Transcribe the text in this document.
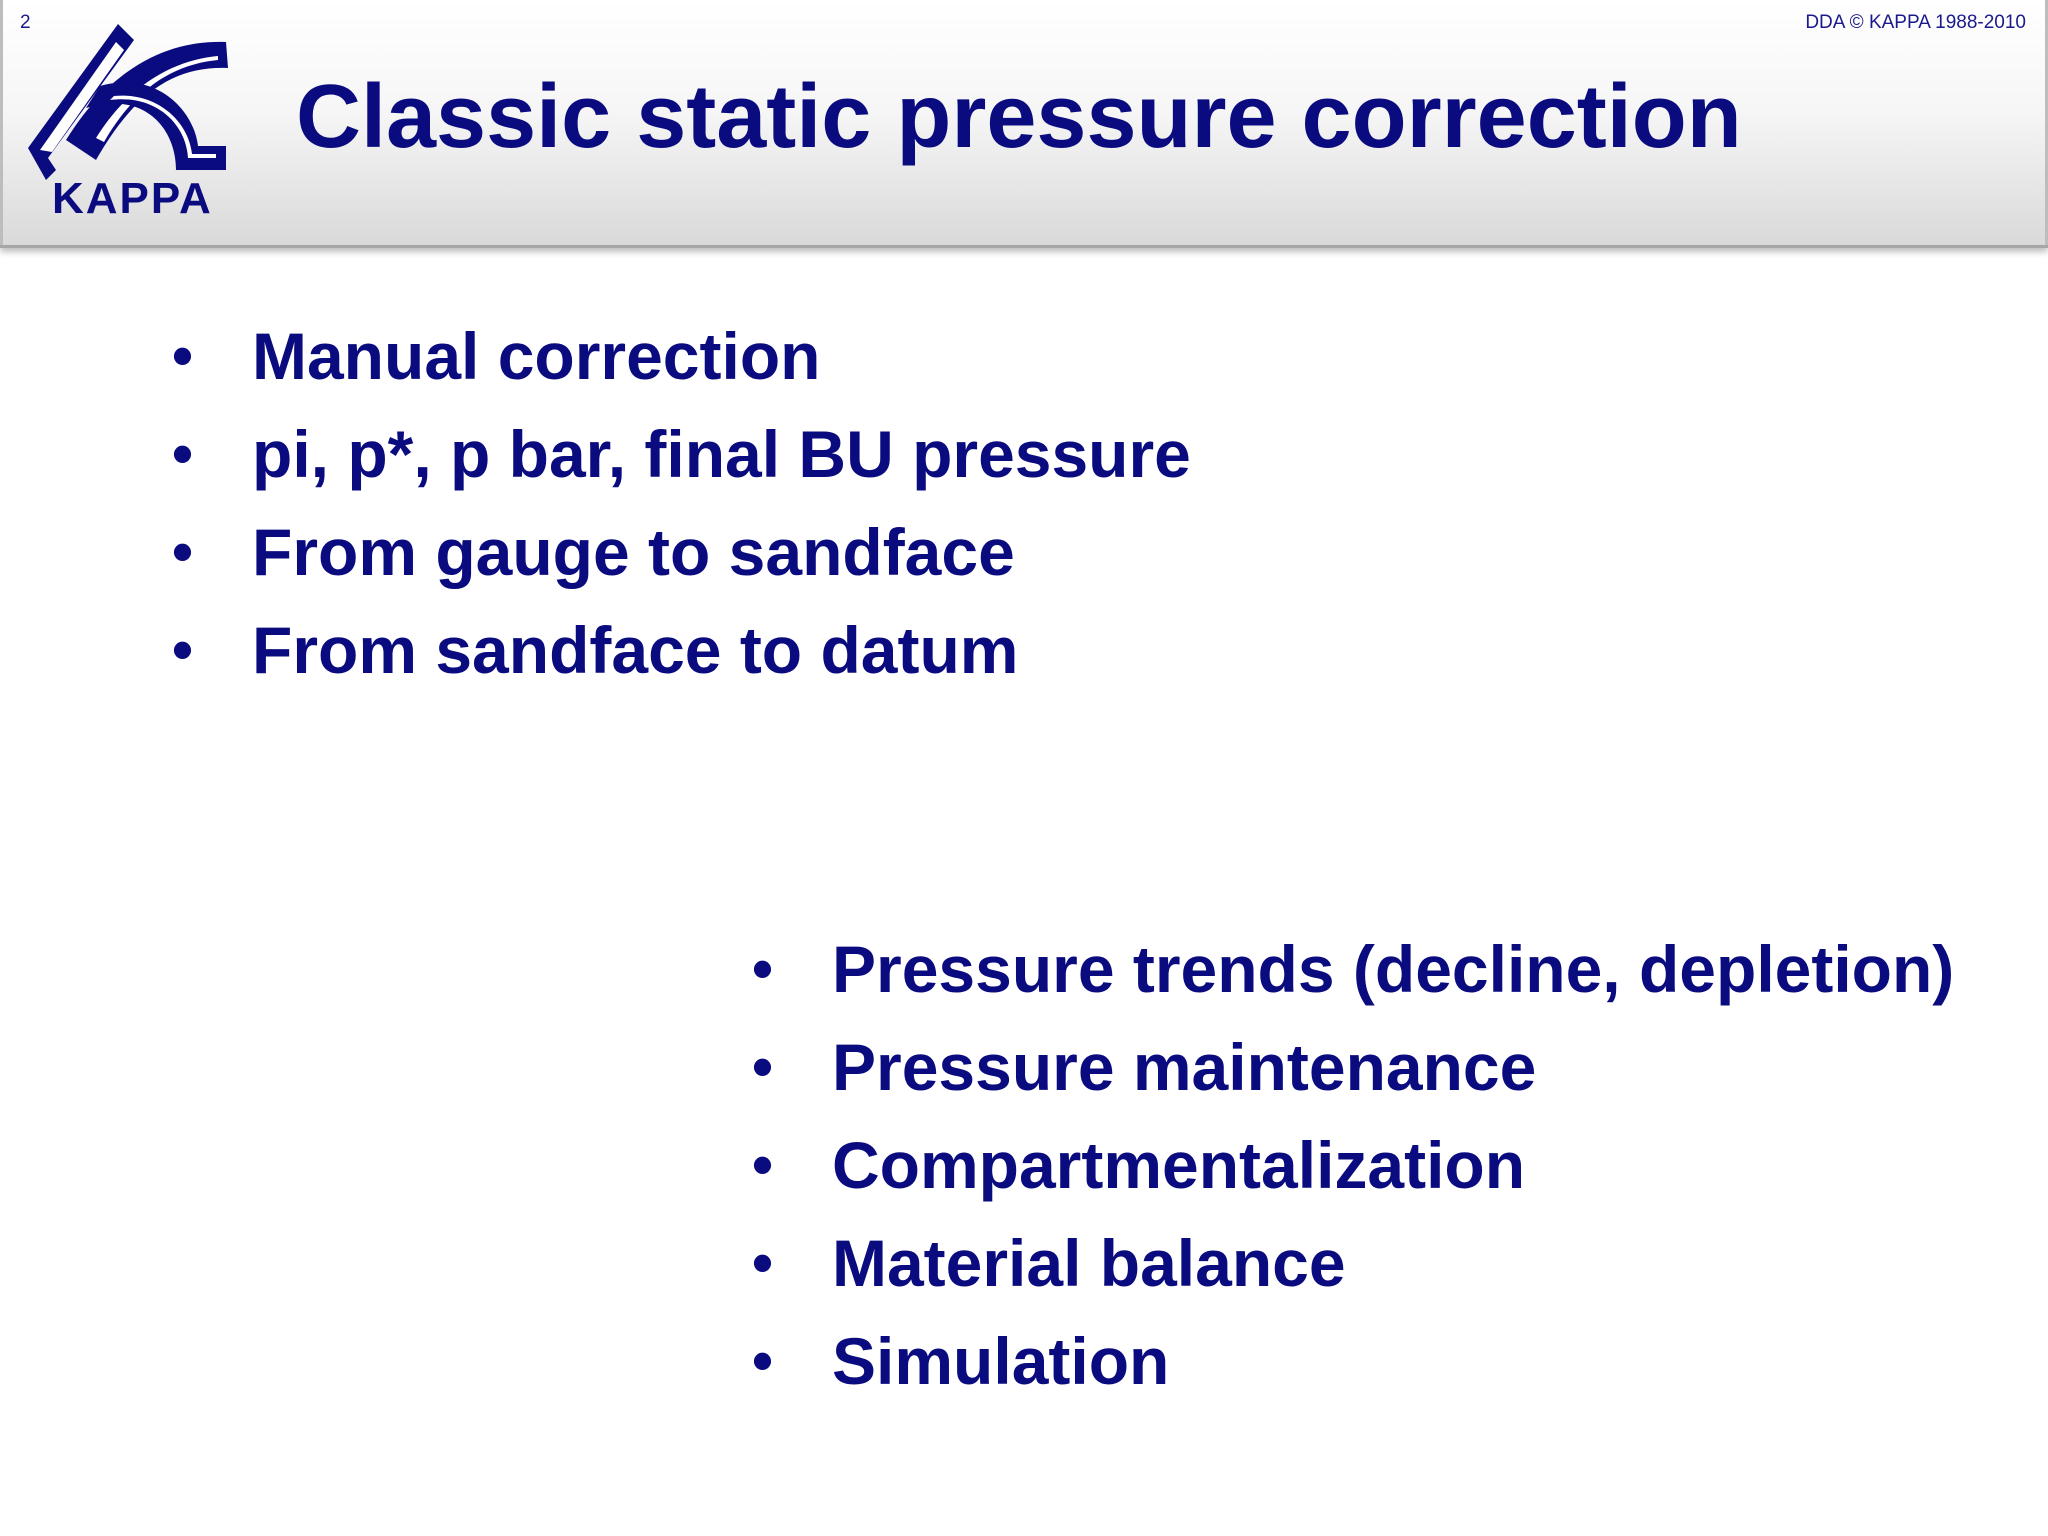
2	DDA © KAPPA 1988-2010
KAPPA
Classic static pressure correction
• Manual correction
• pi, p*, p bar, final BU pressure
• From gauge to sandface
• From sandface to datum
• Pressure trends (decline, depletion)
• Pressure maintenance
• Compartmentalization
• Material balance
• Simulation
